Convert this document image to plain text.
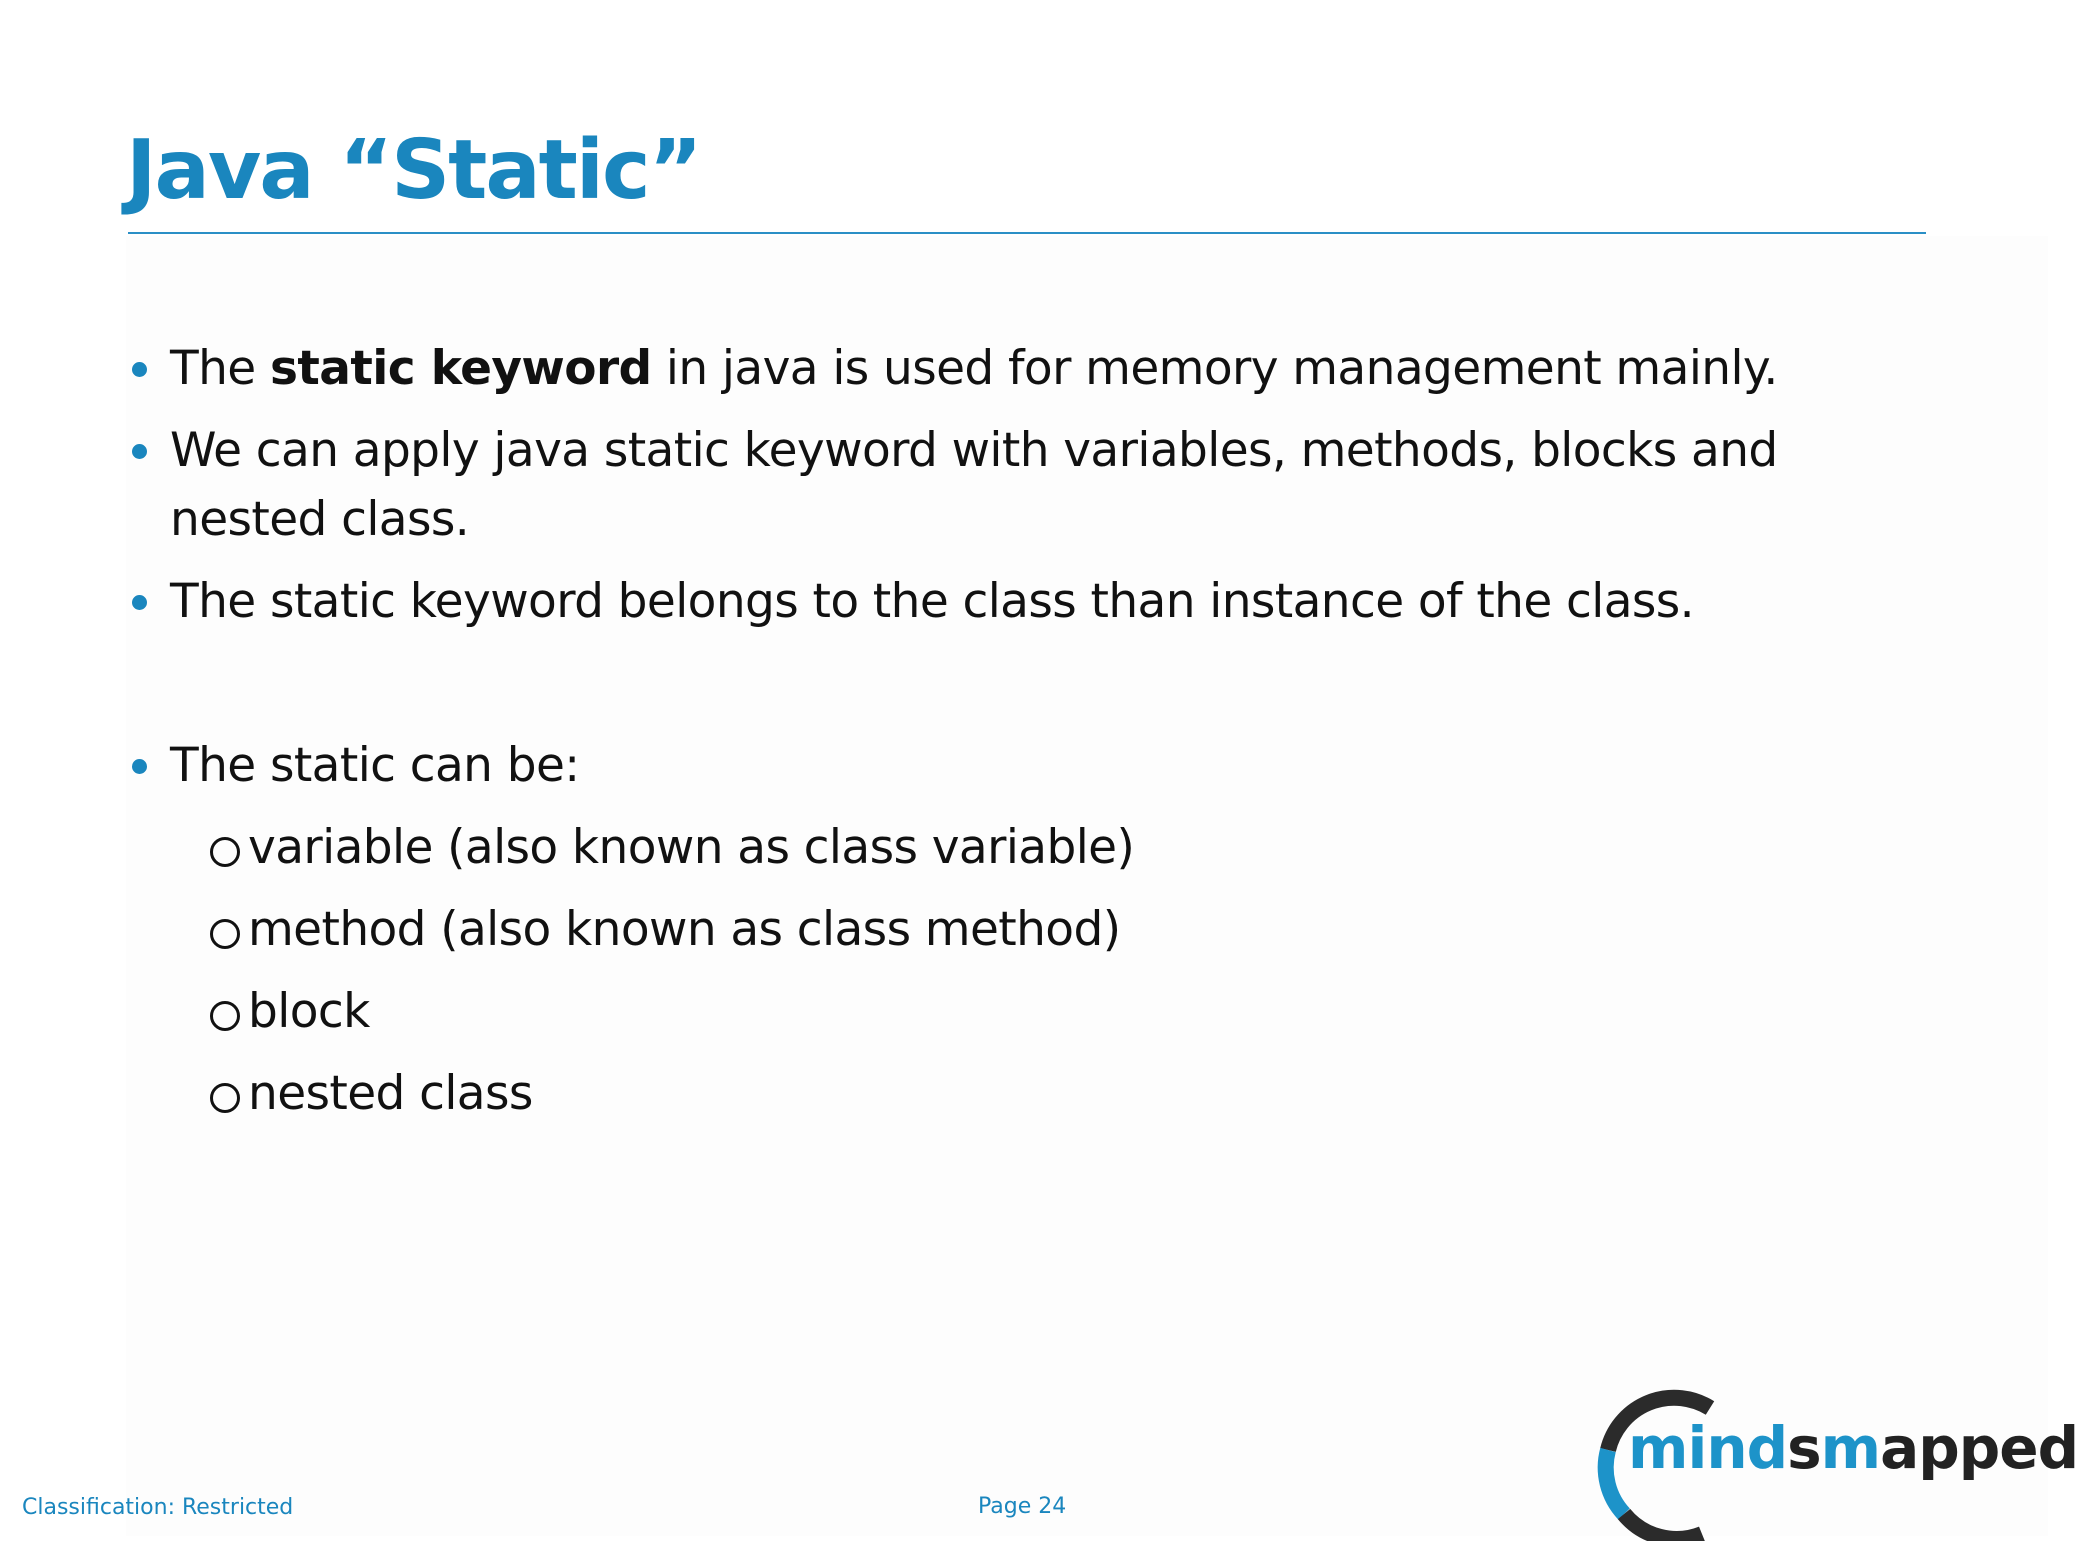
Java “Static”
The static keyword in java is used for memory management mainly.
We can apply java static keyword with variables, methods, blocks and
nested class.
The static keyword belongs to the class than instance of the class.
The static can be:
variable (also known as class variable)
method (also known as class method)
block
nested class
Classification: Restricted	Page 24
mindsmapped
